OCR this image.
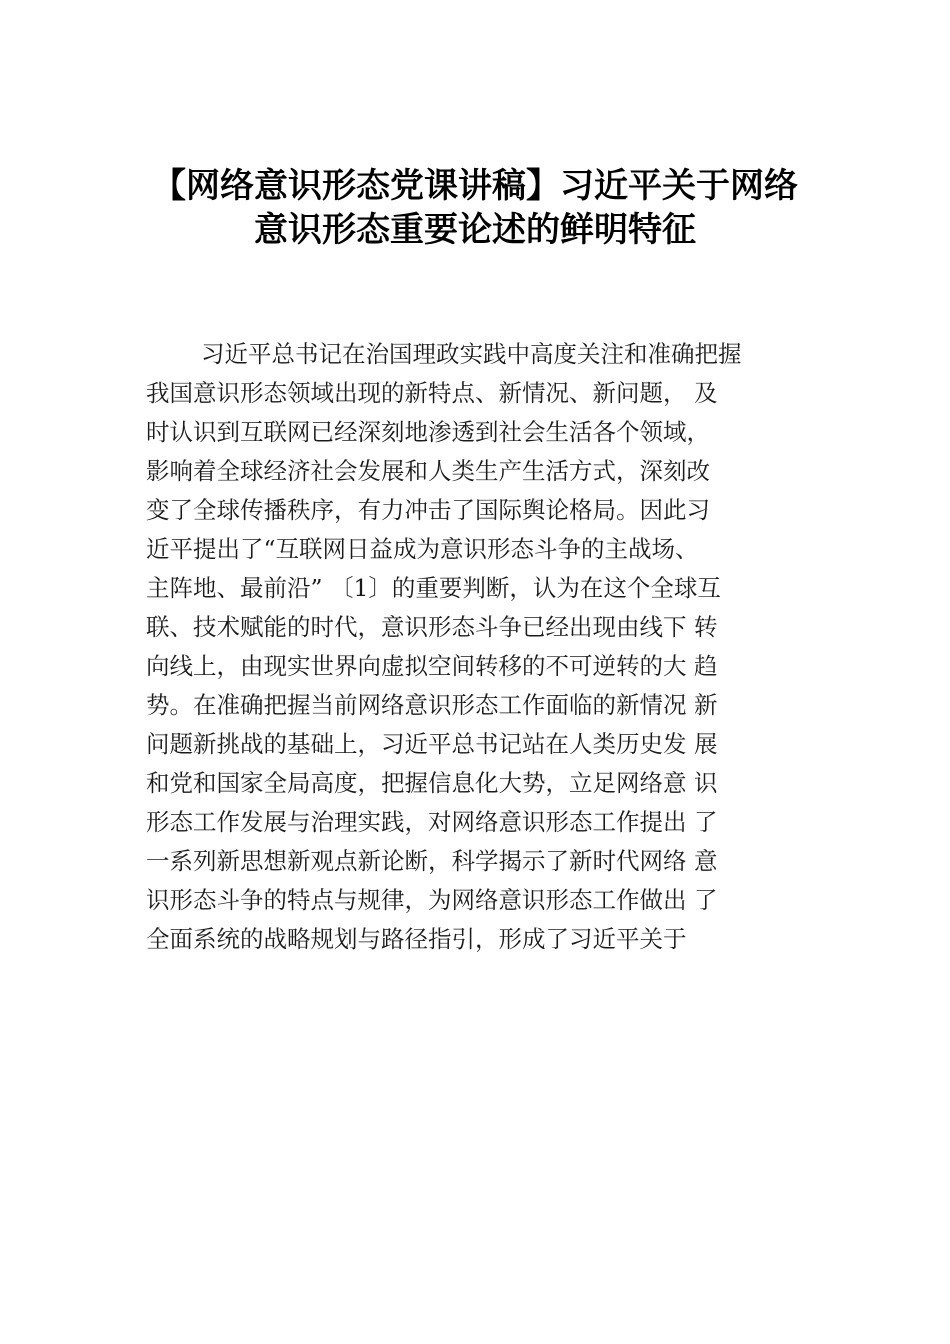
【网络意识形态党课讲稿】习近平关于网络
意识形态重要论述的鲜明特征
习近平总书记在治国理政实践中高度关注和准确把握
我国意识形态领域出现的新特点、新情况、新问题， 及
时认识到互联网已经深刻地渗透到社会生活各个领域，
影响着全球经济社会发展和人类生产生活方式，深刻改
变了全球传播秩序，有力冲击了国际舆论格局。因此习
近平提出了“互联网日益成为意识形态斗争的主战场、
主阵地、最前沿” 〔1〕的重要判断，认为在这个全球互
联、技术赋能的时代，意识形态斗争已经出现由线下 转
向线上，由现实世界向虚拟空间转移的不可逆转的大 趋
势。在准确把握当前网络意识形态工作面临的新情况 新
问题新挑战的基础上，习近平总书记站在人类历史发 展
和党和国家全局高度，把握信息化大势，立足网络意 识
形态工作发展与治理实践，对网络意识形态工作提出 了
一系列新思想新观点新论断，科学揭示了新时代网络 意
识形态斗争的特点与规律，为网络意识形态工作做出 了
全面系统的战略规划与路径指引，形成了习近平关于
